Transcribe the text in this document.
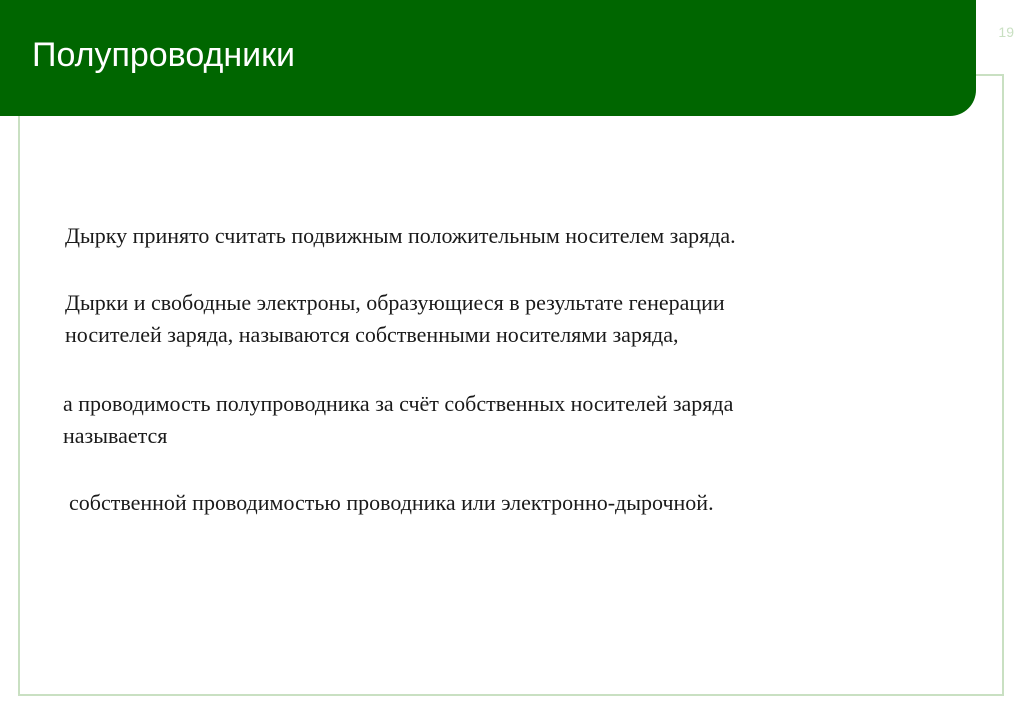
Полупроводники
19

Дырку принято считать подвижным положительным носителем заряда.

Дырки и свободные электроны, образующиеся в результате генерации
носителей заряда, называются собственными носителями заряда,

а проводимость полупроводника за счёт собственных носителей заряда
называется

собственной проводимостью проводника или электронно-дырочной.
